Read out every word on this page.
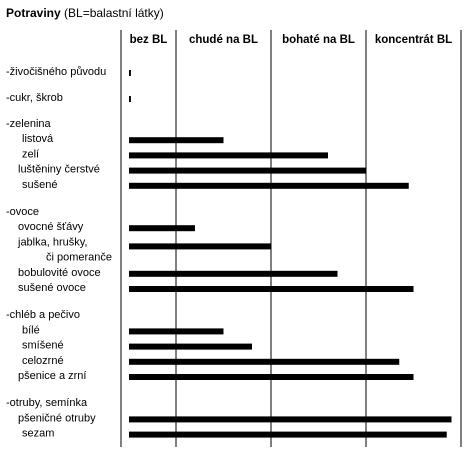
Potraviny (BL=balastní látky)
bez BL chudé na BL bohaté na BL koncentrát BL
-živočišného původu
-cukr, škrob
-zelenina
listová
zelí
luštěniny čerstvé
sušené
-ovoce
ovocné šťávy
jablka, hrušky,
či pomeranče
bobulovité ovoce
sušené ovoce
-chléb a pečivo
bílé
smíšené
celozrné
pšenice a zrní
-otruby, semínka
pšeničné otruby
sezam
